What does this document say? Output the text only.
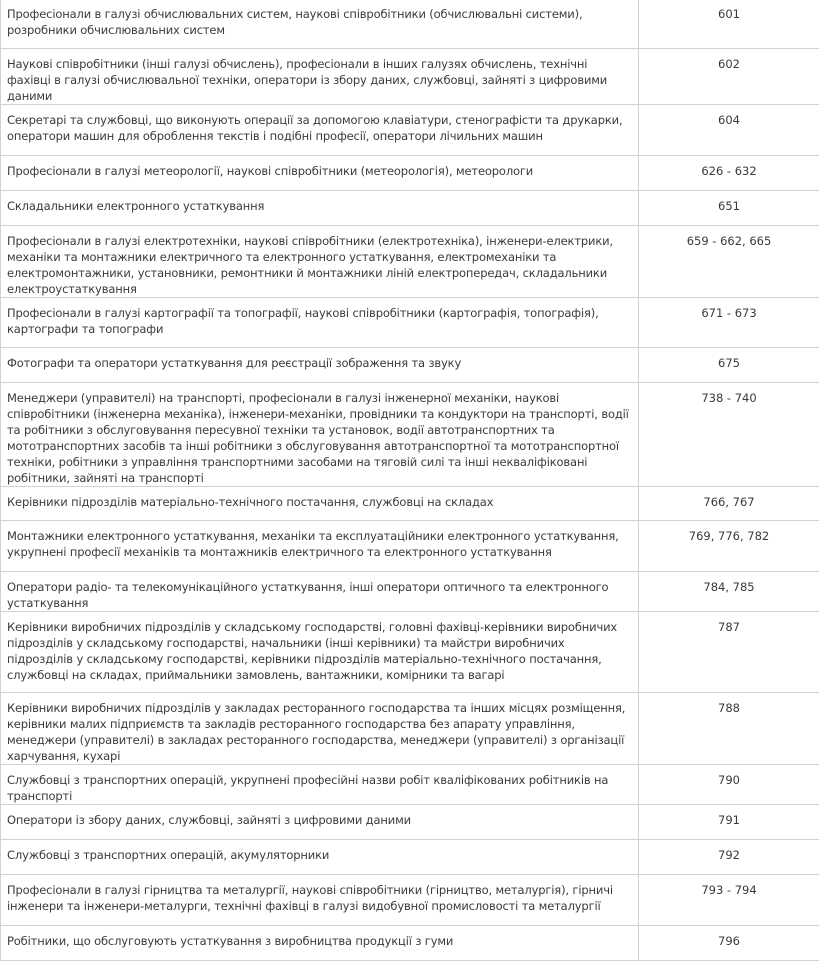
Професіонали в галузі обчислювальних систем, наукові співробітники (обчислювальні системи), розробники обчислювальних систем	601
Наукові співробітники (інші галузі обчислень), професіонали в інших галузях обчислень, технічні фахівці в галузі обчислювальної техніки, оператори із збору даних, службовці, зайняті з цифровими даними	602
Секретарі та службовці, що виконують операції за допомогою клавіатури, стенографісти та друкарки, оператори машин для оброблення текстів і подібні професії, оператори лічильних машин	604
Професіонали в галузі метеорології, наукові співробітники (метеорологія), метеорологи	626 - 632
Складальники електронного устаткування	651
Професіонали в галузі електротехніки, наукові співробітники (електротехніка), інженери-електрики, механіки та монтажники електричного та електронного устаткування, електромеханіки та електромонтажники, установники, ремонтники й монтажники ліній електропередач, складальники електроустаткування	659 - 662, 665
Професіонали в галузі картографії та топографії, наукові співробітники (картографія, топографія), картографи та топографи	671 - 673
Фотографи та оператори устаткування для реєстрації зображення та звуку	675
Менеджери (управителі) на транспорті, професіонали в галузі інженерної механіки, наукові співробітники (інженерна механіка), інженери-механіки, провідники та кондуктори на транспорті, водії та робітники з обслуговування пересувної техніки та установок, водії автотранспортних та мототранспортних засобів та інші робітники з обслуговування автотранспортної та мототранспортної техніки, робітники з управління транспортними засобами на тяговій силі та інші некваліфіковані робітники, зайняті на транспорті	738 - 740
Керівники підрозділів матеріально-технічного постачання, службовці на складах	766, 767
Монтажники електронного устаткування, механіки та експлуатаційники електронного устаткування, укрупнені професії механіків та монтажників електричного та електронного устаткування	769, 776, 782
Оператори радіо- та телекомунікаційного устаткування, інші оператори оптичного та електронного устаткування	784, 785
Керівники виробничих підрозділів у складському господарстві, головні фахівці-керівники виробничих підрозділів у складському господарстві, начальники (інші керівники) та майстри виробничих підрозділів у складському господарстві, керівники підрозділів матеріально-технічного постачання, службовці на складах, приймальники замовлень, вантажники, комірники та вагарі	787
Керівники виробничих підрозділів у закладах ресторанного господарства та інших місцях розміщення, керівники малих підприємств та закладів ресторанного господарства без апарату управління, менеджери (управителі) в закладах ресторанного господарства, менеджери (управителі) з організації харчування, кухарі	788
Службовці з транспортних операцій, укрупнені професійні назви робіт кваліфікованих робітників на транспорті	790
Оператори із збору даних, службовці, зайняті з цифровими даними	791
Службовці з транспортних операцій, акумуляторники	792
Професіонали в галузі гірництва та металургії, наукові співробітники (гірництво, металургія), гірничі інженери та інженери-металурги, технічні фахівці в галузі видобувної промисловості та металургії	793 - 794
Робітники, що обслуговують устаткування з виробництва продукції з гуми	796
